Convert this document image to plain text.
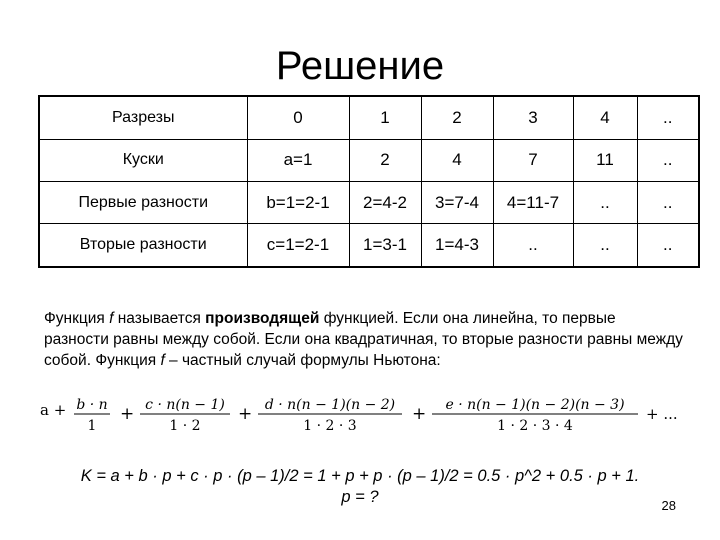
Решение
Разрезы	0	1	2	3	4	..
Куски	a=1	2	4	7	11	..
Первые разности	b=1=2-1	2=4-2	3=7-4	4=11-7	..	..
Вторые разности	c=1=2-1	1=3-1	1=4-3	..	..	..
Функция f называется производящей функцией. Если она линейна, то первые разности равны между собой. Если она квадратичная, то вторые разности равны между собой. Функция f – частный случай формулы Ньютона:
a + b · n
1
+ c · n(n − 1)
1 · 2
+ d · n(n − 1)(n − 2)
1 · 2 · 3
+ e · n(n − 1)(n − 2)(n − 3)
1 · 2 · 3 · 4
+ ...
K = a + b · p + c · p · (p – 1)/2 = 1 + p + p · (p – 1)/2 = 0.5 · p^2 + 0.5 · p + 1.
p = ?	28
